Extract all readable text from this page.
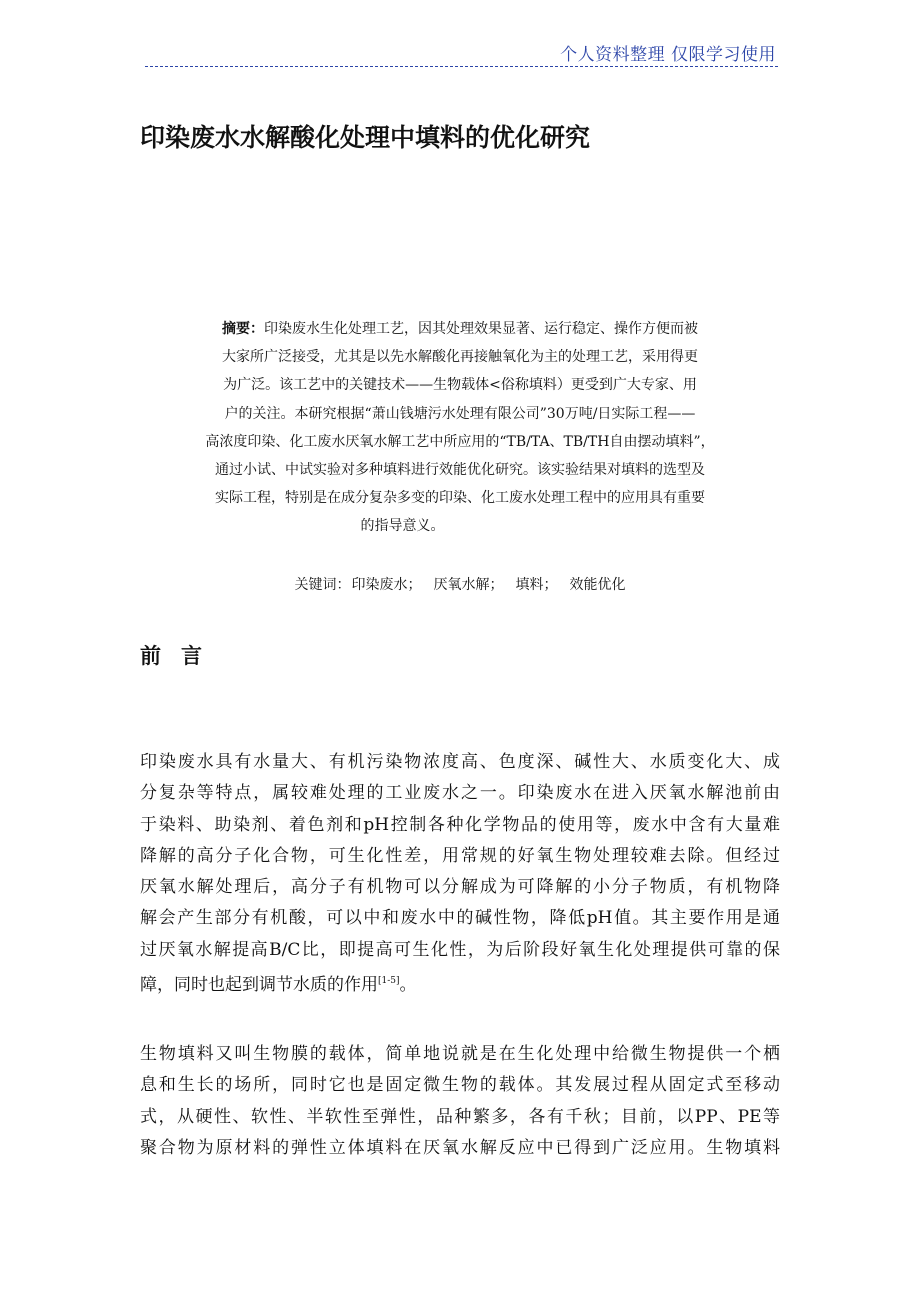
个人资料整理 仅限学习使用
印染废水水解酸化处理中填料的优化研究
摘要：印染废水生化处理工艺，因其处理效果显著、运行稳定、操作方便而被
大家所广泛接受，尤其是以先水解酸化再接触氧化为主的处理工艺，采用得更
为广泛。该工艺中的关键技术——生物载体<俗称填料）更受到广大专家、用
户的关注。本研究根据“萧山钱塘污水处理有限公司”30万吨/日实际工程——
高浓度印染、化工废水厌氧水解工艺中所应用的“TB/TA、TB/TH自由摆动填料”，
通过小试、中试实验对多种填料进行效能优化研究。该实验结果对填料的选型及
实际工程，特别是在成分复杂多变的印染、化工废水处理工程中的应用具有重要
的指导意义。
关键词：印染废水； 厌氧水解； 填料； 效能优化
前 言
印染废水具有水量大、有机污染物浓度高、色度深、碱性大、水质变化大、成
分复杂等特点，属较难处理的工业废水之一。印染废水在进入厌氧水解池前由
于染料、助染剂、着色剂和pH控制各种化学物品的使用等，废水中含有大量难
降解的高分子化合物，可生化性差，用常规的好氧生物处理较难去除。但经过
厌氧水解处理后，高分子有机物可以分解成为可降解的小分子物质，有机物降
解会产生部分有机酸，可以中和废水中的碱性物，降低pH值。其主要作用是通
过厌氧水解提高B/C比，即提高可生化性，为后阶段好氧生化处理提供可靠的保
障，同时也起到调节水质的作用[1-5]。
生物填料又叫生物膜的载体，简单地说就是在生化处理中给微生物提供一个栖
息和生长的场所，同时它也是固定微生物的载体。其发展过程从固定式至移动
式，从硬性、软性、半软性至弹性，品种繁多，各有千秋；目前，以PP、PE等
聚合物为原材料的弹性立体填料在厌氧水解反应中已得到广泛应用。生物填料
